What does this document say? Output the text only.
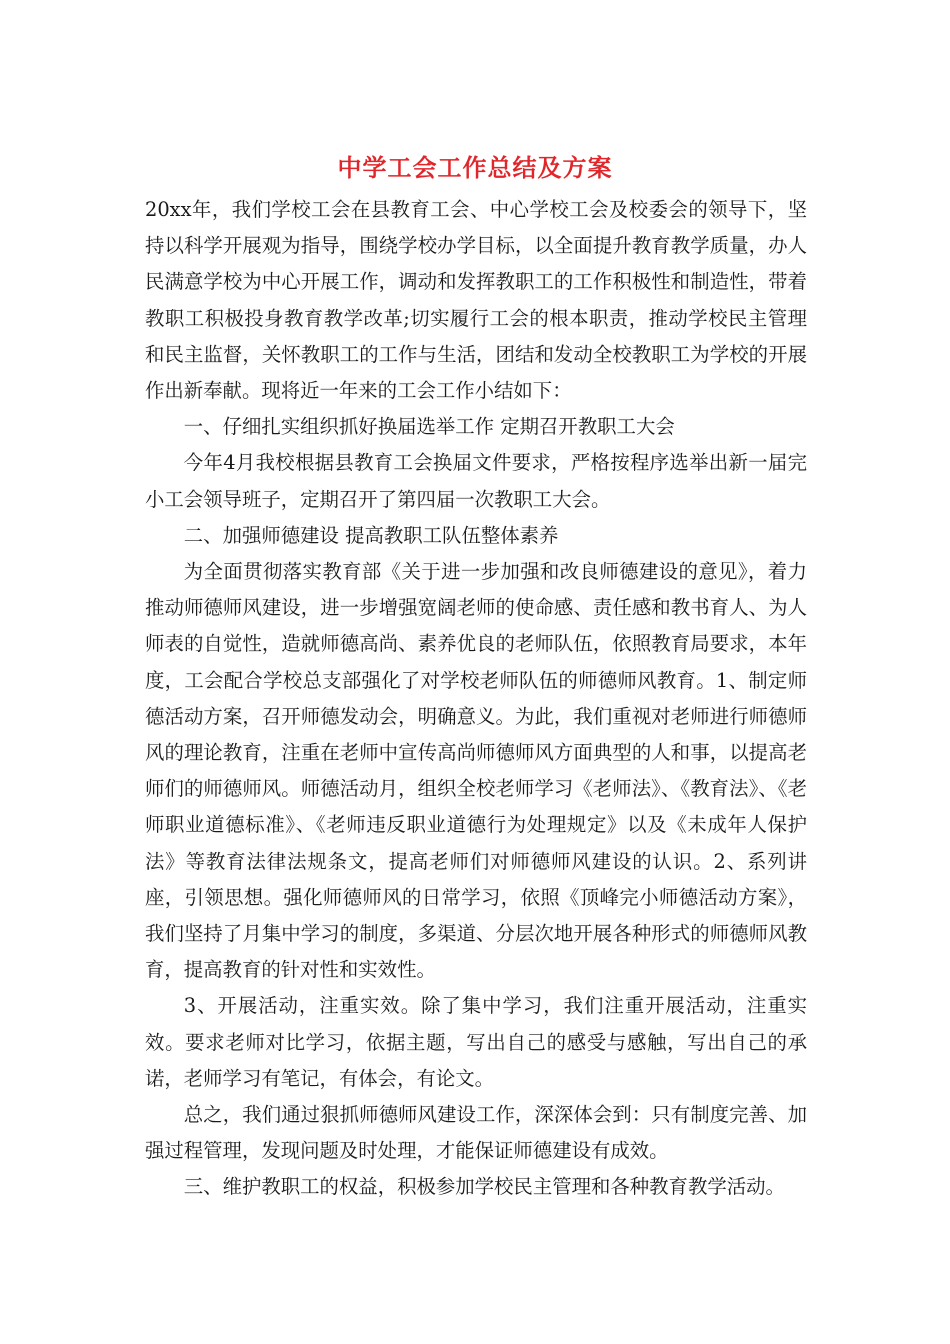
中学工会工作总结及方案

20xx年，我们学校工会在县教育工会、中心学校工会及校委会的领导下，坚持以科学开展观为指导，围绕学校办学目标，以全面提升教育教学质量，办人民满意学校为中心开展工作，调动和发挥教职工的工作积极性和制造性，带着教职工积极投身教育教学改革;切实履行工会的根本职责，推动学校民主管理和民主监督，关怀教职工的工作与生活，团结和发动全校教职工为学校的开展作出新奉献。现将近一年来的工会工作小结如下：

一、仔细扎实组织抓好换届选举工作 定期召开教职工大会

今年4月我校根据县教育工会换届文件要求，严格按程序选举出新一届完小工会领导班子，定期召开了第四届一次教职工大会。

二、加强师德建设 提高教职工队伍整体素养

为全面贯彻落实教育部《关于进一步加强和改良师德建设的意见》，着力推动师德师风建设，进一步增强宽阔老师的使命感、责任感和教书育人、为人师表的自觉性，造就师德高尚、素养优良的老师队伍，依照教育局要求，本年度，工会配合学校总支部强化了对学校老师队伍的师德师风教育。1、制定师德活动方案，召开师德发动会，明确意义。为此，我们重视对老师进行师德师风的理论教育，注重在老师中宣传高尚师德师风方面典型的人和事，以提高老师们的师德师风。师德活动月，组织全校老师学习《老师法》、《教育法》、《老师职业道德标准》、《老师违反职业道德行为处理规定》以及《未成年人保护法》等教育法律法规条文，提高老师们对师德师风建设的认识。2、系列讲座，引领思想。强化师德师风的日常学习，依照《顶峰完小师德活动方案》，我们坚持了月集中学习的制度，多渠道、分层次地开展各种形式的师德师风教育，提高教育的针对性和实效性。

3、开展活动，注重实效。除了集中学习，我们注重开展活动，注重实效。要求老师对比学习，依据主题，写出自己的感受与感触，写出自己的承诺，老师学习有笔记，有体会，有论文。

总之，我们通过狠抓师德师风建设工作，深深体会到：只有制度完善、加强过程管理，发现问题及时处理，才能保证师德建设有成效。

三、维护教职工的权益，积极参加学校民主管理和各种教育教学活动。
